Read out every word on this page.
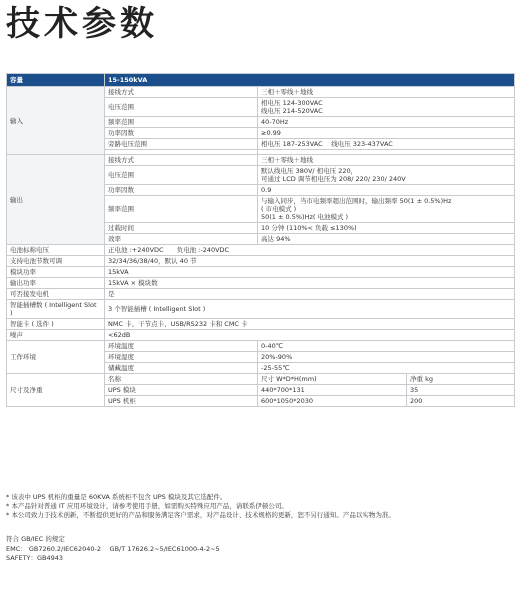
技术参数
容量	15-150kVA		
输入	接线方式	三相＋零线＋地线	
	电压范围	相电压 124-300VAC
线电压 214-520VAC	

	频率范围	40-70Hz	
	功率因数	≥0.99	
	旁路电压范围	相电压 187-253VAC　 线电压 323-437VAC	

输出	接线方式	三相＋零线＋地线	
	电压范围	默认线电压 380V/ 相电压 220，
可通过 LCD 调节相电压为 208/ 220/ 230/ 240V	

	功率因数	0.9	
	频率范围	与输入同步，当市电频率超出范围时，输出频率 50(1 ± 0.5%)Hz
( 市电模式 )
50(1 ± 0.5%)Hz( 电池模式 )	

	过载时间	10 分钟 (110%< 负载 ≤130%)	
	效率	高达 94%	
电池标称电压	正电池 :+240VDC　　负电池 :-240VDC		
支持电池节数可调	32/34/36/38/40，默认 40 节		
模块功率	15kVA		
输出功率	15kVA × 模块数		
可否接发电机	是		
智能插槽数 ( Intelligent Slot )	3 个智能插槽 ( Intelligent Slot )		
智能卡 ( 选件 )	NMC 卡、干节点卡、USB/RS232 卡和 CMC 卡		
噪声	<62dB		
工作环境	环境温度	0-40℃	
	环境湿度	20%-90%	
	储藏温度	-25-55℃	
尺寸及净重	名称	尺寸 W*D*H(mm)	净重 kg
	UPS 模块	440*700*131	35
	UPS 机柜	600*1050*2030	200
* 该表中 UPS 机柜的重量是 60KVA 系统柜不包含 UPS 模块及其它选配件。
* 本产品针对普通 IT 应用环境设计，请参考使用手册，如需购买特殊应用产品，请联系伊顿公司。
* 本公司致力于技术创新，不断提供更好的产品和服务满足客户需求，对产品设计、技术规格的更新，恕不另行通知。产品以实物为准。
符合 GB/IEC 的规定
EMC： GB7260.2/IEC62040-2　 GB/T 17626.2~5/IEC61000-4-2~5
SAFETY：GB4943
